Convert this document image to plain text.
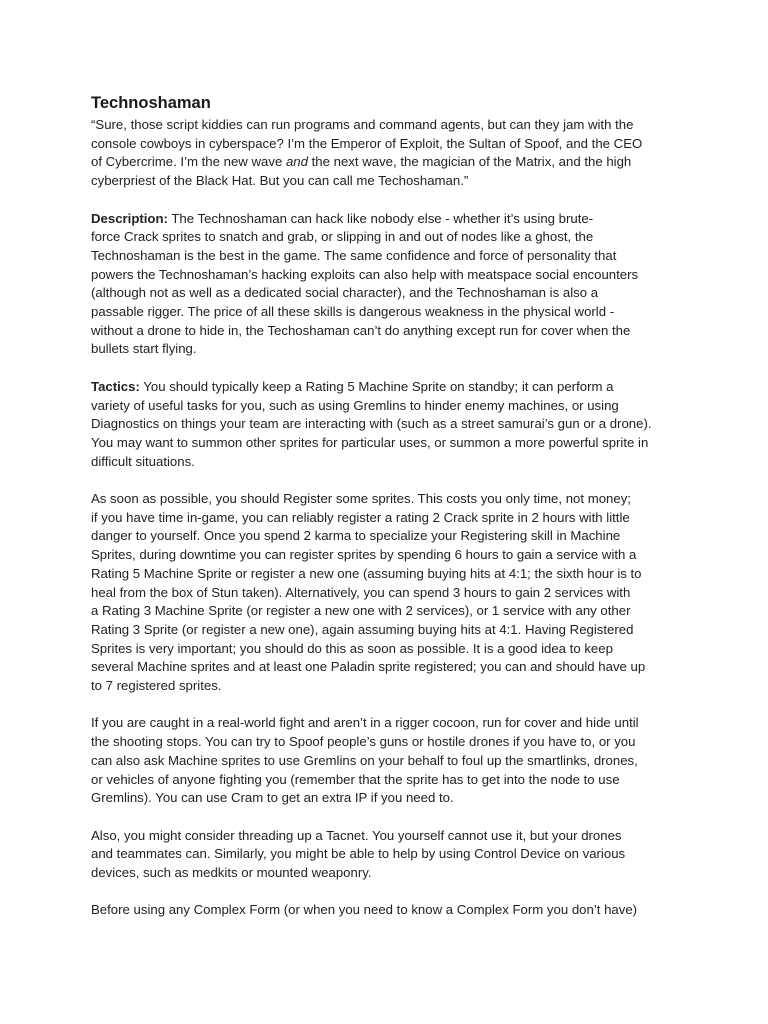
Technoshaman
“Sure, those script kiddies can run programs and command agents, but can they jam with the
console cowboys in cyberspace? I’m the Emperor of Exploit, the Sultan of Spoof, and the CEO
of Cybercrime. I’m the new wave and the next wave, the magician of the Matrix, and the high
cyberpriest of the Black Hat. But you can call me Techoshaman.”
Description: The Technoshaman can hack like nobody else - whether it’s using brute-
force Crack sprites to snatch and grab, or slipping in and out of nodes like a ghost, the
Technoshaman is the best in the game. The same confidence and force of personality that
powers the Technoshaman’s hacking exploits can also help with meatspace social encounters
(although not as well as a dedicated social character), and the Technoshaman is also a
passable rigger. The price of all these skills is dangerous weakness in the physical world -
without a drone to hide in, the Techoshaman can’t do anything except run for cover when the
bullets start flying.
Tactics: You should typically keep a Rating 5 Machine Sprite on standby; it can perform a
variety of useful tasks for you, such as using Gremlins to hinder enemy machines, or using
Diagnostics on things your team are interacting with (such as a street samurai’s gun or a drone).
You may want to summon other sprites for particular uses, or summon a more powerful sprite in
difficult situations.
As soon as possible, you should Register some sprites. This costs you only time, not money;
if you have time in-game, you can reliably register a rating 2 Crack sprite in 2 hours with little
danger to yourself. Once you spend 2 karma to specialize your Registering skill in Machine
Sprites, during downtime you can register sprites by spending 6 hours to gain a service with a
Rating 5 Machine Sprite or register a new one (assuming buying hits at 4:1; the sixth hour is to
heal from the box of Stun taken). Alternatively, you can spend 3 hours to gain 2 services with
a Rating 3 Machine Sprite (or register a new one with 2 services), or 1 service with any other
Rating 3 Sprite (or register a new one), again assuming buying hits at 4:1. Having Registered
Sprites is very important; you should do this as soon as possible. It is a good idea to keep
several Machine sprites and at least one Paladin sprite registered; you can and should have up
to 7 registered sprites.
If you are caught in a real-world fight and aren’t in a rigger cocoon, run for cover and hide until
the shooting stops. You can try to Spoof people’s guns or hostile drones if you have to, or you
can also ask Machine sprites to use Gremlins on your behalf to foul up the smartlinks, drones,
or vehicles of anyone fighting you (remember that the sprite has to get into the node to use
Gremlins). You can use Cram to get an extra IP if you need to.
Also, you might consider threading up a Tacnet. You yourself cannot use it, but your drones
and teammates can. Similarly, you might be able to help by using Control Device on various
devices, such as medkits or mounted weaponry.
Before using any Complex Form (or when you need to know a Complex Form you don’t have)
